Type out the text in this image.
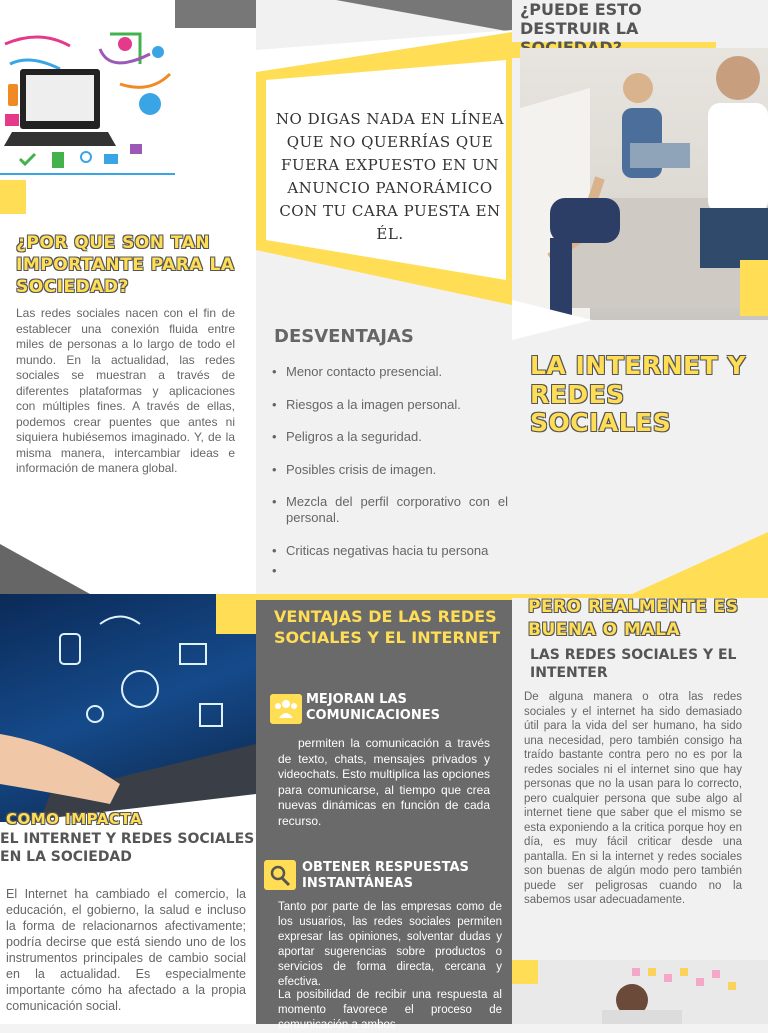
¿POR QUE SON TAN IMPORTANTE PARA LA SOCIEDAD?
Las redes sociales nacen con el fin de establecer una conexión fluida entre miles de personas a lo largo de todo el mundo. En la actualidad, las redes sociales se muestran a través de diferentes plataformas y aplicaciones con múltiples fines. A través de ellas, podemos crear puentes que antes ni siquiera hubiésemos imaginado. Y, de la misma manera, intercambiar ideas e información de manera global.
NO DIGAS NADA EN LÍNEA QUE NO QUERRÍAS QUE FUERA EXPUESTO EN UN ANUNCIO PANORÁMICO CON TU CARA PUESTA EN ÉL.
DESVENTAJAS
• Menor contacto presencial.
• Riesgos a la imagen personal.
• Peligros a la seguridad.
• Posibles crisis de imagen.
• Mezcla del perfil corporativo con el personal.
• Criticas negativas hacia tu persona
¿PUEDE ESTO DESTRUIR LA
LA INTERNET Y REDES SOCIALES
COMO IMPACTA
EL INTERNET Y REDES SOCIALES EN LA SOCIEDAD
El Internet ha cambiado el comercio, la educación, el gobierno, la salud e incluso la forma de relacionarnos afectivamente; podría decirse que está siendo uno de los instrumentos principales de cambio social en la actualidad. Es especialmente importante cómo ha afectado a la propia comunicación social.
VENTAJAS DE LAS REDES SOCIALES Y EL INTERNET
MEJORAN LAS COMUNICACIONES
permiten la comunicación a través de texto, chats, mensajes privados y videochats. Esto multiplica las opciones para comunicarse, al tiempo que crea nuevas dinámicas en función de cada recurso.
OBTENER RESPUESTAS INSTANTÁNEAS
Tanto por parte de las empresas como de los usuarios, las redes sociales permiten expresar las opiniones, solventar dudas y aportar sugerencias sobre productos o servicios de forma directa, cercana y efectiva.
La posibilidad de recibir una respuesta al momento favorece el proceso de comunicación a ambos
PERO REALMENTE ES BUENA O MALA
LAS REDES SOCIALES Y EL INTENTER
De alguna manera o otra las redes sociales y el internet ha sido demasiado útil para la vida del ser humano, ha sido una necesidad, pero también consigo ha traído bastante contra pero no es por la redes sociales ni el internet sino que hay personas que no la usan para lo correcto, pero cualquier persona que sube algo al internet tiene que saber que el mismo se esta exponiendo a la critica porque hoy en día, es muy fácil criticar desde una pantalla. En si la internet y redes sociales son buenas de algún modo pero también puede ser peligrosas cuando no la sabemos usar adecuadamente.
